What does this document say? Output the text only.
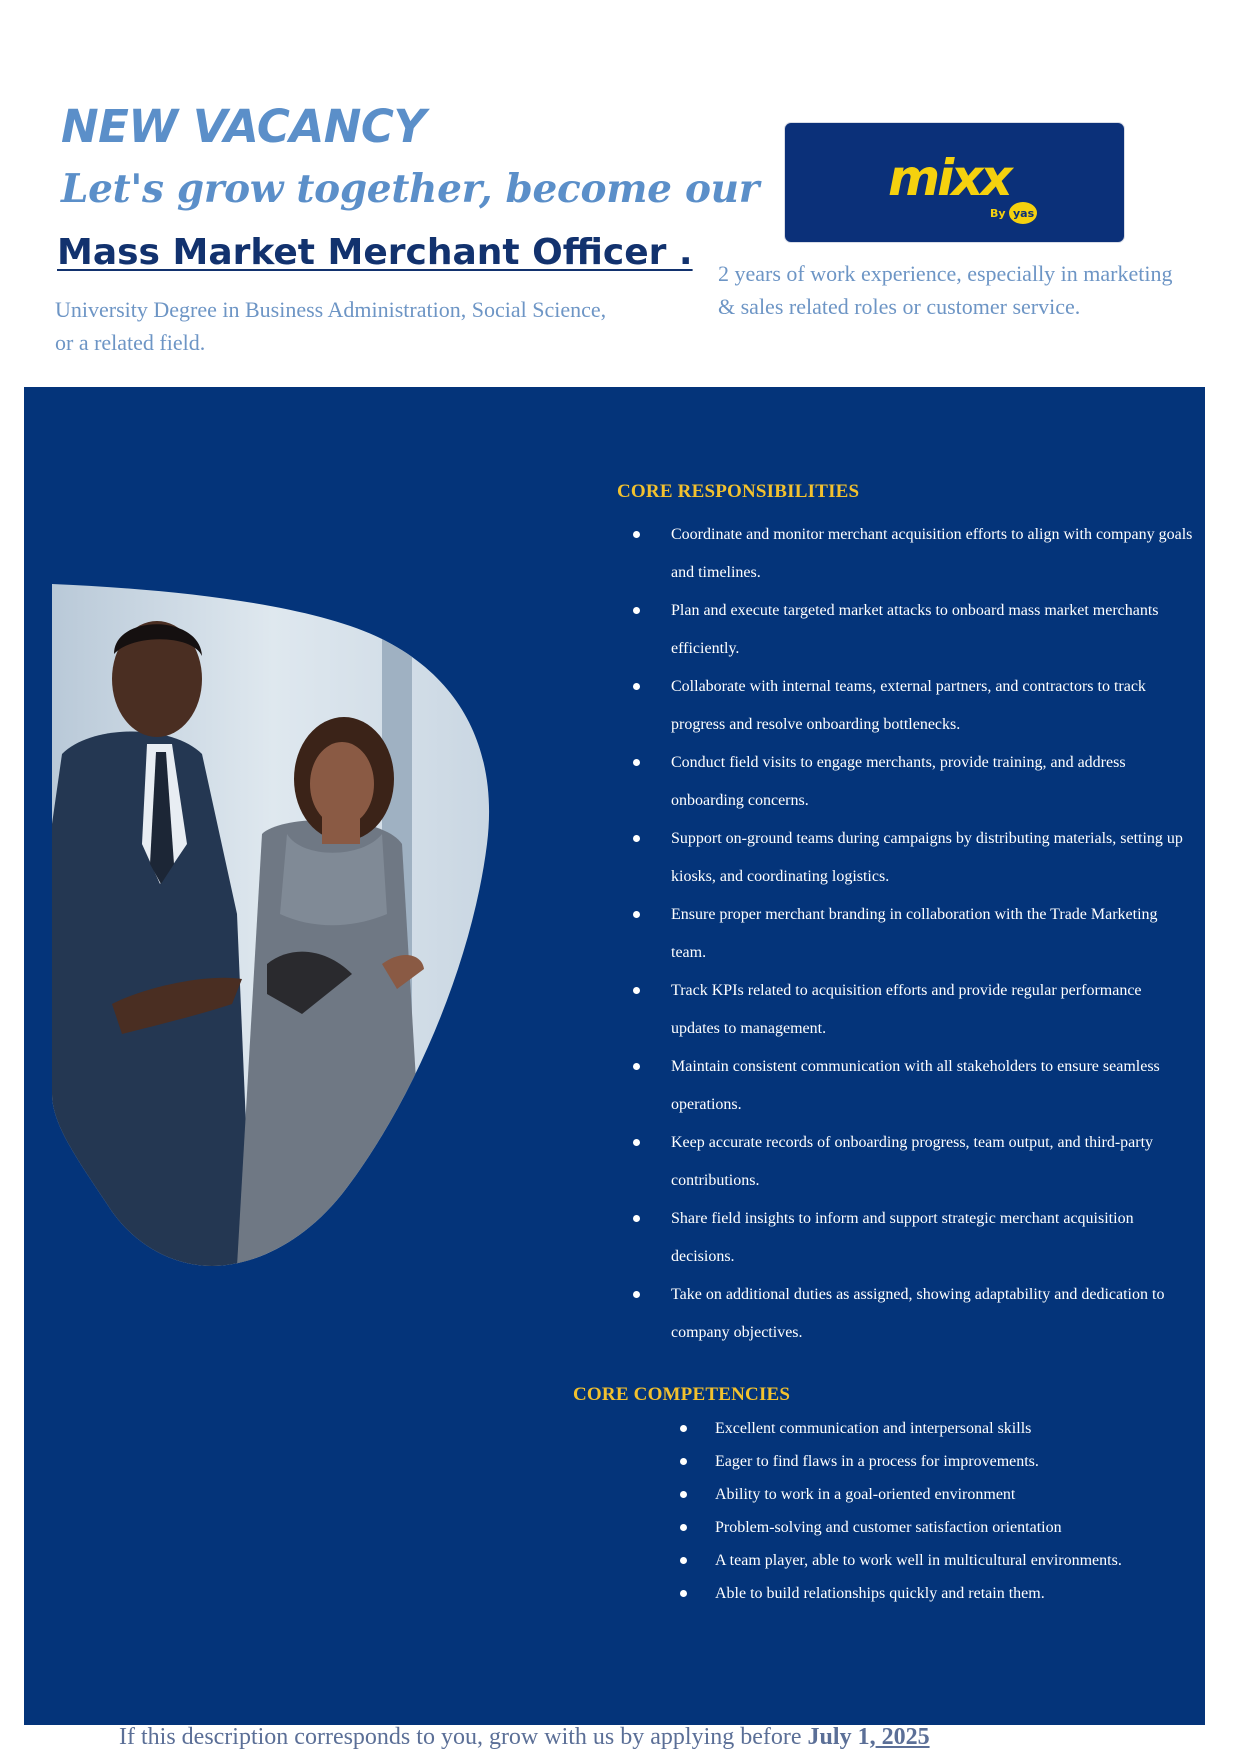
NEW VACANCY
Let's grow together, become our
Mass Market Merchant Officer .

University Degree in Business Administration, Social Science, or a related field.

2 years of work experience, especially in marketing & sales related roles or customer service.

mixx
By yas
CORE RESPONSIBILITIES
Coordinate and monitor merchant acquisition efforts to align with company goals and timelines.
Plan and execute targeted market attacks to onboard mass market merchants efficiently.
Collaborate with internal teams, external partners, and contractors to track progress and resolve onboarding bottlenecks.
Conduct field visits to engage merchants, provide training, and address onboarding concerns.
Support on-ground teams during campaigns by distributing materials, setting up kiosks, and coordinating logistics.
Ensure proper merchant branding in collaboration with the Trade Marketing team.
Track KPIs related to acquisition efforts and provide regular performance updates to management.
Maintain consistent communication with all stakeholders to ensure seamless operations.
Keep accurate records of onboarding progress, team output, and third-party contributions.
Share field insights to inform and support strategic merchant acquisition decisions.
Take on additional duties as assigned, showing adaptability and dedication to company objectives.
CORE COMPETENCIES
Excellent communication and interpersonal skills
Eager to find flaws in a process for improvements.
Ability to work in a goal-oriented environment
Problem-solving and customer satisfaction orientation
A team player, able to work well in multicultural environments.
Able to build relationships quickly and retain them.

If this description corresponds to you, grow with us by applying before July 1, 2025
